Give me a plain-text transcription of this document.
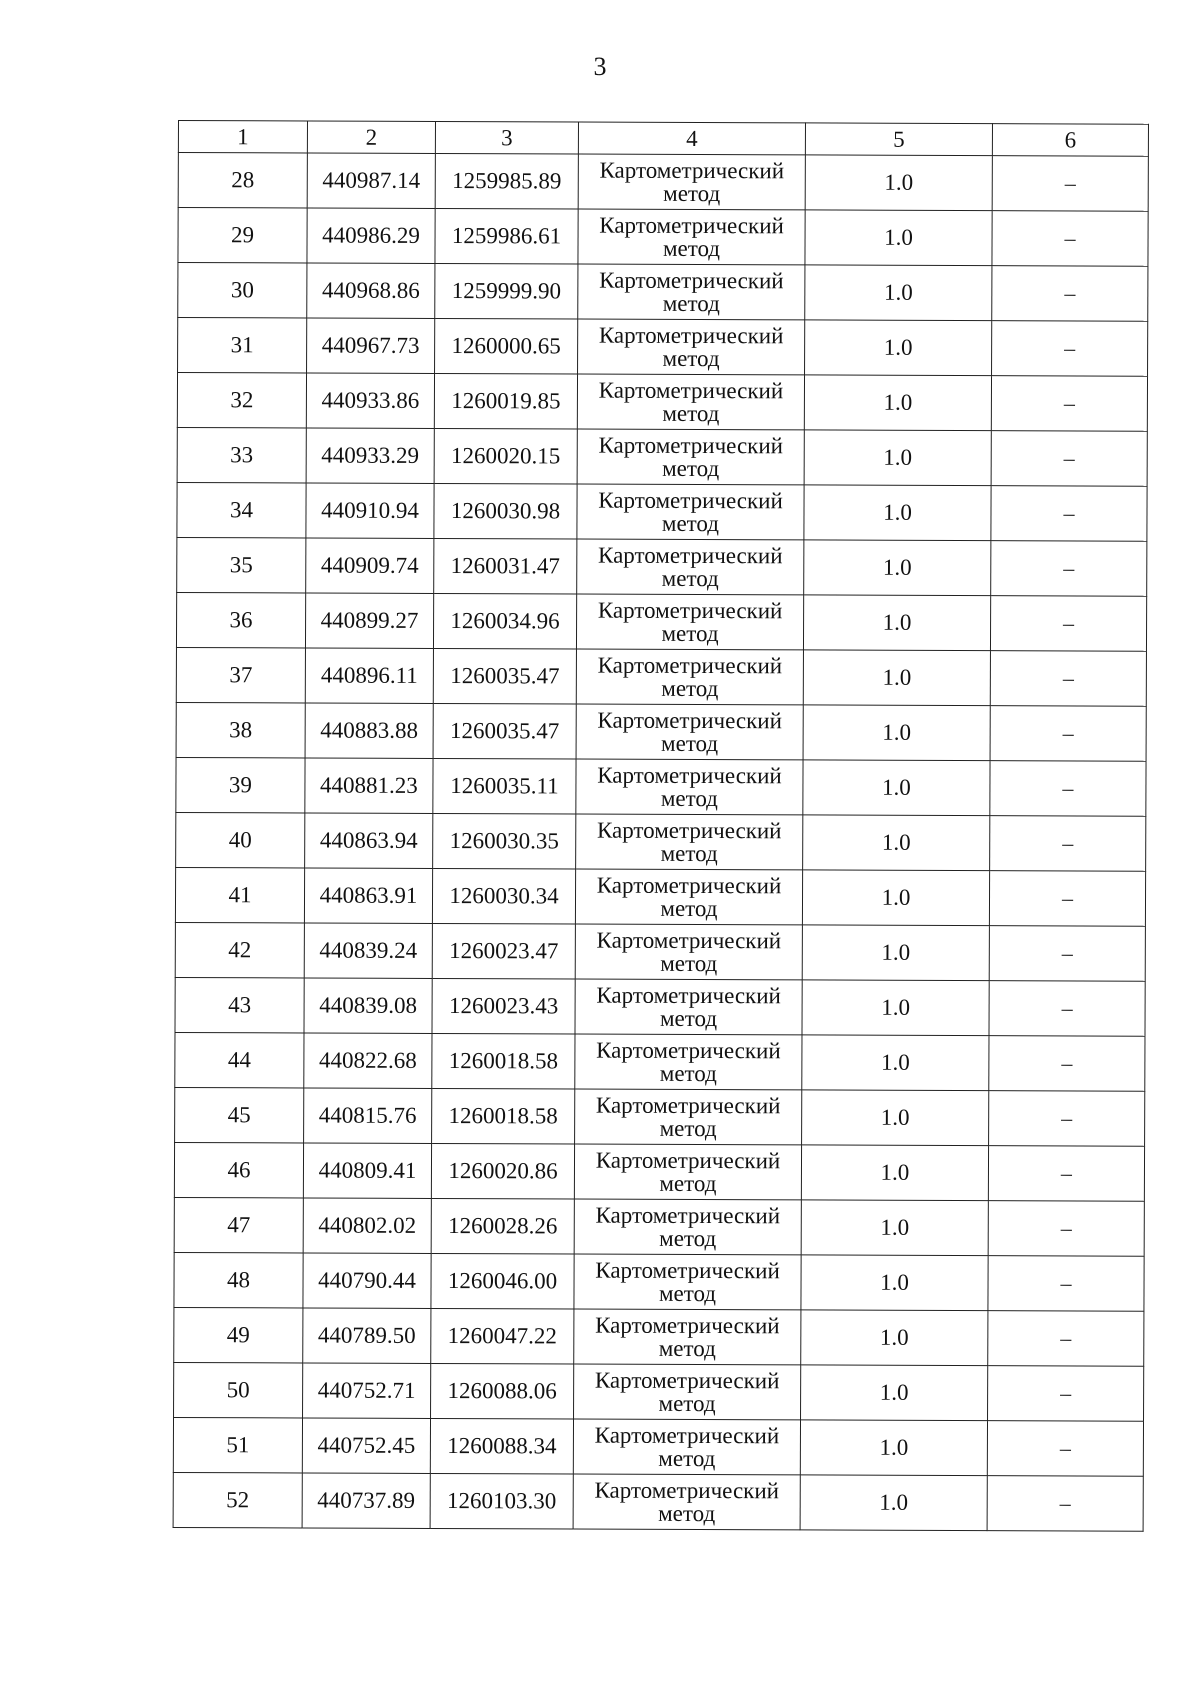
3
1	2	3	4	5	6
28	440987.14	1259985.89	Картометрический
метод	1.0	–
29	440986.29	1259986.61	Картометрический
метод	1.0	–
30	440968.86	1259999.90	Картометрический
метод	1.0	–
31	440967.73	1260000.65	Картометрический
метод	1.0	–
32	440933.86	1260019.85	Картометрический
метод	1.0	–
33	440933.29	1260020.15	Картометрический
метод	1.0	–
34	440910.94	1260030.98	Картометрический
метод	1.0	–
35	440909.74	1260031.47	Картометрический
метод	1.0	–
36	440899.27	1260034.96	Картометрический
метод	1.0	–
37	440896.11	1260035.47	Картометрический
метод	1.0	–
38	440883.88	1260035.47	Картометрический
метод	1.0	–
39	440881.23	1260035.11	Картометрический
метод	1.0	–
40	440863.94	1260030.35	Картометрический
метод	1.0	–
41	440863.91	1260030.34	Картометрический
метод	1.0	–
42	440839.24	1260023.47	Картометрический
метод	1.0	–
43	440839.08	1260023.43	Картометрический
метод	1.0	–
44	440822.68	1260018.58	Картометрический
метод	1.0	–
45	440815.76	1260018.58	Картометрический
метод	1.0	–
46	440809.41	1260020.86	Картометрический
метод	1.0	–
47	440802.02	1260028.26	Картометрический
метод	1.0	–
48	440790.44	1260046.00	Картометрический
метод	1.0	–
49	440789.50	1260047.22	Картометрический
метод	1.0	–
50	440752.71	1260088.06	Картометрический
метод	1.0	–
51	440752.45	1260088.34	Картометрический
метод	1.0	–
52	440737.89	1260103.30	Картометрический
метод	1.0	–
